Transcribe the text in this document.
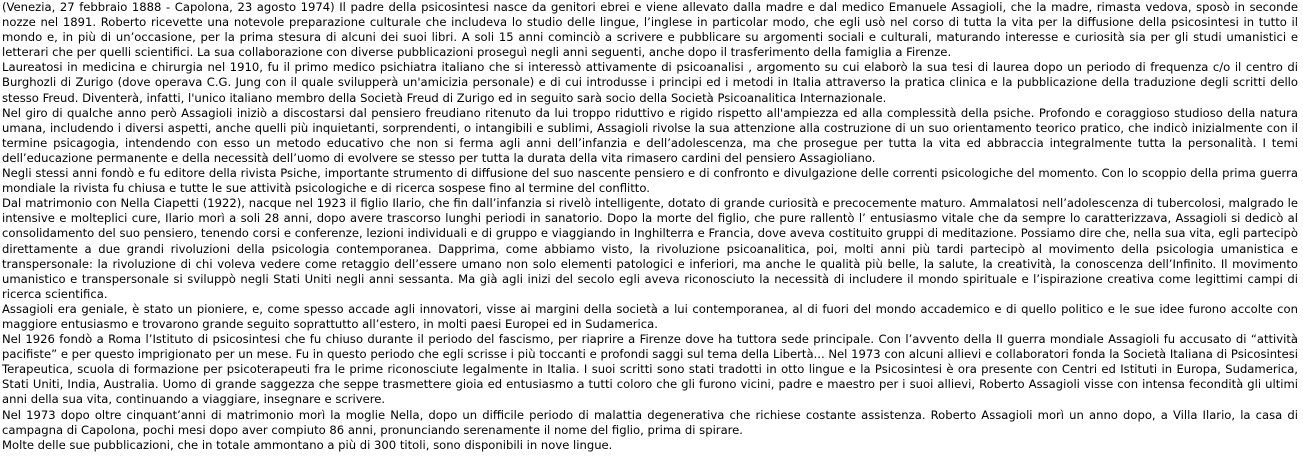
(Venezia, 27 febbraio 1888 - Capolona, 23 agosto 1974) Il padre della psicosintesi nasce da genitori ebrei e viene allevato dalla madre e dal medico Emanuele Assagioli, che la madre, rimasta vedova, sposò in seconde nozze nel 1891. Roberto ricevette una notevole preparazione culturale che includeva lo studio delle lingue, l’inglese in particolar modo, che egli usò nel corso di tutta la vita per la diffusione della psicosintesi in tutto il mondo e, in più di un’occasione, per la prima stesura di alcuni dei suoi libri. A soli 15 anni cominciò a scrivere e pubblicare su argomenti sociali e culturali, maturando interesse e curiosità sia per gli studi umanistici e letterari che per quelli scientifici. La sua collaborazione con diverse pubblicazioni proseguì negli anni seguenti, anche dopo il trasferimento della famiglia a Firenze.

Laureatosi in medicina e chirurgia nel 1910, fu il primo medico psichiatra italiano che si interessò attivamente di psicoanalisi , argomento su cui elaborò la sua tesi di laurea dopo un periodo di frequenza c/o il centro di Burghozli di Zurigo (dove operava C.G. Jung con il quale svilupperà un'amicizia personale) e di cui introdusse i principi ed i metodi in Italia attraverso la pratica clinica e la pubblicazione della traduzione degli scritti dello stesso Freud. Diventerà, infatti, l'unico italiano membro della Società Freud di Zurigo ed in seguito sarà socio della Società Psicoanalitica Internazionale.

Nel giro di qualche anno però Assagioli iniziò a discostarsi dal pensiero freudiano ritenuto da lui troppo riduttivo e rigido rispetto all'ampiezza ed alla complessità della psiche. Profondo e coraggioso studioso della natura umana, includendo i diversi aspetti, anche quelli più inquietanti, sorprendenti, o intangibili e sublimi, Assagioli rivolse la sua attenzione alla costruzione di un suo orientamento teorico pratico, che indicò inizialmente con il termine psicagogia, intendendo con esso un metodo educativo che non si ferma agli anni dell’infanzia e dell’adolescenza, ma che prosegue per tutta la vita ed abbraccia integralmente tutta la personalità. I temi dell’educazione permanente e della necessità dell’uomo di evolvere se stesso per tutta la durata della vita rimasero cardini del pensiero Assagioliano.

Negli stessi anni fondò e fu editore della rivista Psiche, importante strumento di diffusione del suo nascente pensiero e di confronto e divulgazione delle correnti psicologiche del momento. Con lo scoppio della prima guerra mondiale la rivista fu chiusa e tutte le sue attività psicologiche e di ricerca sospese fino al termine del conflitto.

Dal matrimonio con Nella Ciapetti (1922), nacque nel 1923 il figlio Ilario, che fin dall’infanzia si rivelò intelligente, dotato di grande curiosità e precocemente maturo. Ammalatosi nell’adolescenza di tubercolosi, malgrado le intensive e molteplici cure, Ilario morì a soli 28 anni, dopo avere trascorso lunghi periodi in sanatorio. Dopo la morte del figlio, che pure rallentò l’ entusiasmo vitale che da sempre lo caratterizzava, Assagioli si dedicò al consolidamento del suo pensiero, tenendo corsi e conferenze, lezioni individuali e di gruppo e viaggiando in Inghilterra e Francia, dove aveva costituito gruppi di meditazione. Possiamo dire che, nella sua vita, egli partecipò direttamente a due grandi rivoluzioni della psicologia contemporanea. Dapprima, come abbiamo visto, la rivoluzione psicoanalitica, poi, molti anni più tardi partecipò al movimento della psicologia umanistica e transpersonale: la rivoluzione di chi voleva vedere come retaggio dell’essere umano non solo elementi patologici e inferiori, ma anche le qualità più belle, la salute, la creatività, la conoscenza dell’Infinito. Il movimento umanistico e transpersonale si sviluppò negli Stati Uniti negli anni sessanta. Ma già agli inizi del secolo egli aveva riconosciuto la necessità di includere il mondo spirituale e l’ispirazione creativa come legittimi campi di ricerca scientifica.

Assagioli era geniale, è stato un pioniere, e, come spesso accade agli innovatori, visse ai margini della società a lui contemporanea, al di fuori del mondo accademico e di quello politico e le sue idee furono accolte con maggiore entusiasmo e trovarono grande seguito soprattutto all’estero, in molti paesi Europei ed in Sudamerica.

Nel 1926 fondò a Roma l’Istituto di psicosintesi che fu chiuso durante il periodo del fascismo, per riaprire a Firenze dove ha tuttora sede principale. Con l’avvento della II guerra mondiale Assagioli fu accusato di “attività pacifiste” e per questo imprigionato per un mese. Fu in questo periodo che egli scrisse i più toccanti e profondi saggi sul tema della Libertà... Nel 1973 con alcuni allievi e collaboratori fonda la Società Italiana di Psicosintesi Terapeutica, scuola di formazione per psicoterapeuti fra le prime riconosciute legalmente in Italia. I suoi scritti sono stati tradotti in otto lingue e la Psicosintesi è ora presente con Centri ed Istituti in Europa, Sudamerica, Stati Uniti, India, Australia. Uomo di grande saggezza che seppe trasmettere gioia ed entusiasmo a tutti coloro che gli furono vicini, padre e maestro per i suoi allievi, Roberto Assagioli visse con intensa fecondità gli ultimi anni della sua vita, continuando a viaggiare, insegnare e scrivere.

Nel 1973 dopo oltre cinquant’anni di matrimonio morì la moglie Nella, dopo un difficile periodo di malattia degenerativa che richiese costante assistenza. Roberto Assagioli morì un anno dopo, a Villa Ilario, la casa di campagna di Capolona, pochi mesi dopo aver compiuto 86 anni, pronunciando serenamente il nome del figlio, prima di spirare.

Molte delle sue pubblicazioni, che in totale ammontano a più di 300 titoli, sono disponibili in nove lingue.
